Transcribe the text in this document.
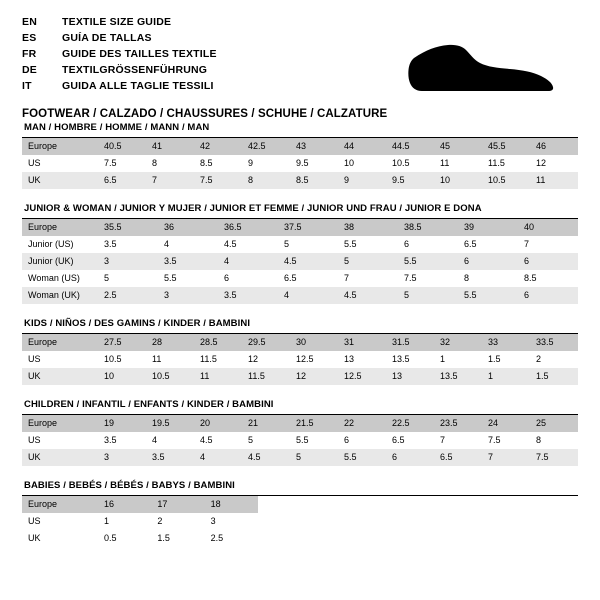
EN	TEXTILE SIZE GUIDE
ES	GUÍA DE TALLAS
FR	GUIDE DES TAILLES TEXTILE
DE	TEXTILGRÖSSENFÜHRUNG
IT	GUIDA ALLE TAGLIE TESSILI
FOOTWEAR / CALZADO / CHAUSSURES / SCHUHE / CALZATURE
MAN / HOMBRE / HOMME / MANN / MAN
Europe	40.5	41	42	42.5	43	44	44.5	45	45.5	46
US	7.5	8	8.5	9	9.5	10	10.5	11	11.5	12
UK	6.5	7	7.5	8	8.5	9	9.5	10	10.5	11
JUNIOR & WOMAN / JUNIOR Y MUJER / JUNIOR ET FEMME / JUNIOR UND FRAU / JUNIOR E DONA
Europe	35.5	36	36.5	37.5	38	38.5	39	40
Junior (US)	3.5	4	4.5	5	5.5	6	6.5	7
Junior (UK)	3	3.5	4	4.5	5	5.5	6	6
Woman (US)	5	5.5	6	6.5	7	7.5	8	8.5
Woman (UK)	2.5	3	3.5	4	4.5	5	5.5	6
KIDS / NIÑOS / DES GAMINS / KINDER / BAMBINI
Europe	27.5	28	28.5	29.5	30	31	31.5	32	33	33.5
US	10.5	11	11.5	12	12.5	13	13.5	1	1.5	2
UK	10	10.5	11	11.5	12	12.5	13	13.5	1	1.5
CHILDREN / INFANTIL / ENFANTS / KINDER / BAMBINI
Europe	19	19.5	20	21	21.5	22	22.5	23.5	24	25
US	3.5	4	4.5	5	5.5	6	6.5	7	7.5	8
UK	3	3.5	4	4.5	5	5.5	6	6.5	7	7.5
BABIES / BEBÉS / BÉBÉS / BABYS / BAMBINI
Europe	16	17	18						
US	1	2	3						
UK	0.5	1.5	2.5						
